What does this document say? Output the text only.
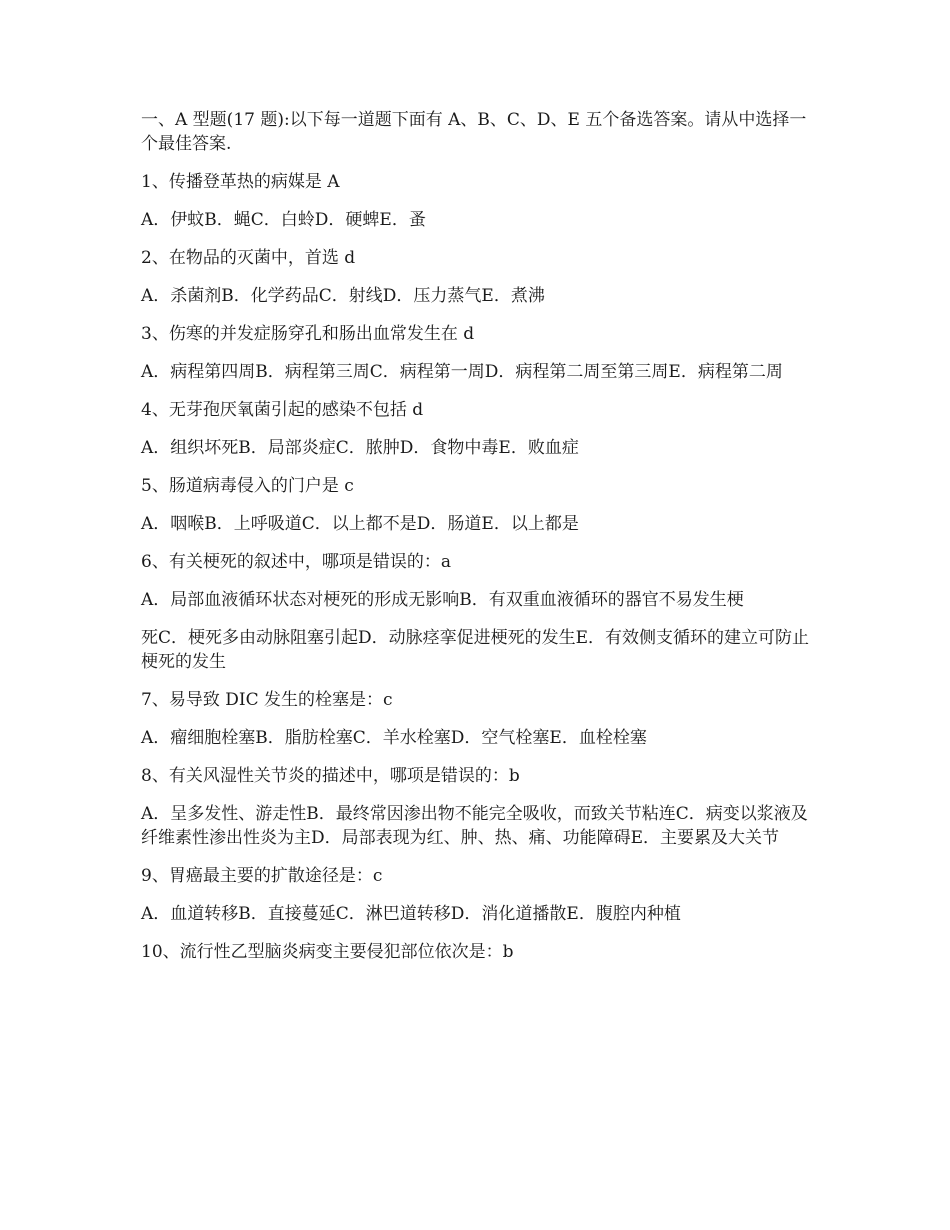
一、A 型题(17 题):以下每一道题下面有 A、B、C、D、E 五个备选答案。请从中选择一个最佳答案.

1、传播登革热的病媒是 A

A．伊蚊B．蝇C．白蛉D．硬蜱E．蚤

2、在物品的灭菌中，首选 d

A．杀菌剂B．化学药品C．射线D．压力蒸气E．煮沸

3、伤寒的并发症肠穿孔和肠出血常发生在 d

A．病程第四周B．病程第三周C．病程第一周D．病程第二周至第三周E．病程第二周

4、无芽孢厌氧菌引起的感染不包括 d

A．组织坏死B．局部炎症C．脓肿D．食物中毒E．败血症

5、肠道病毒侵入的门户是 c

A．咽喉B．上呼吸道C．以上都不是D．肠道E．以上都是

6、有关梗死的叙述中，哪项是错误的：a

A．局部血液循环状态对梗死的形成无影响B．有双重血液循环的器官不易发生梗

死C．梗死多由动脉阻塞引起D．动脉痉挛促进梗死的发生E．有效侧支循环的建立可防止梗死的发生

7、易导致 DIC 发生的栓塞是：c

A．瘤细胞栓塞B．脂肪栓塞C．羊水栓塞D．空气栓塞E．血栓栓塞

8、有关风湿性关节炎的描述中，哪项是错误的：b

A．呈多发性、游走性B．最终常因渗出物不能完全吸收，而致关节粘连C．病变以浆液及纤维素性渗出性炎为主D．局部表现为红、肿、热、痛、功能障碍E．主要累及大关节

9、胃癌最主要的扩散途径是：c

A．血道转移B．直接蔓延C．淋巴道转移D．消化道播散E．腹腔内种植

10、流行性乙型脑炎病变主要侵犯部位依次是：b
